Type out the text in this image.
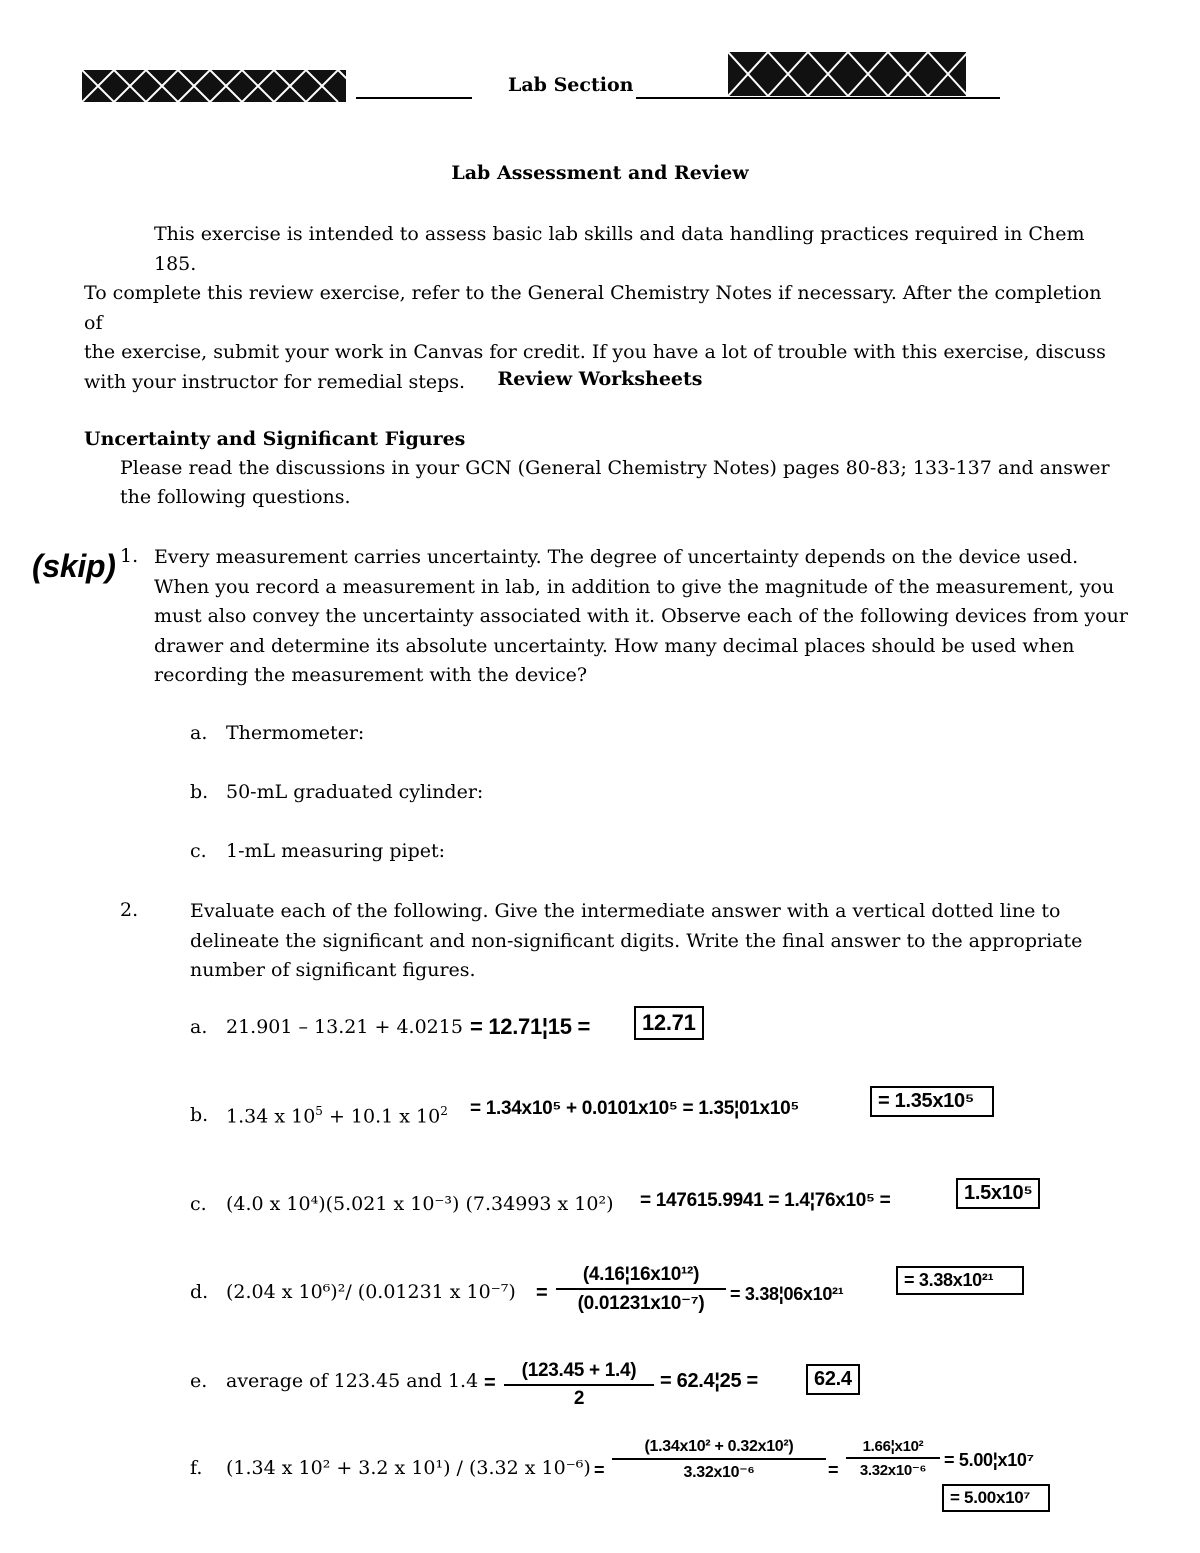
Lab Section
Lab Assessment and Review
This exercise is intended to assess basic lab skills and data handling practices required in Chem 185.
To complete this review exercise, refer to the General Chemistry Notes if necessary. After the completion of
the exercise, submit your work in Canvas for credit. If you have a lot of trouble with this exercise, discuss
with your instructor for remedial steps.	Review Worksheets
Uncertainty and Significant Figures
Please read the discussions in your GCN (General Chemistry Notes) pages 80-83; 133-137 and answer
the following questions.
(skip) 1. Every measurement carries uncertainty. The degree of uncertainty depends on the device used.
When you record a measurement in lab, in addition to give the magnitude of the measurement, you
must also convey the uncertainty associated with it. Observe each of the following devices from your
drawer and determine its absolute uncertainty. How many decimal places should be used when
recording the measurement with the device?
a. Thermometer:
b. 50-mL graduated cylinder:
c. 1-mL measuring pipet:
2.	Evaluate each of the following. Give the intermediate answer with a vertical dotted line to
delineate the significant and non-significant digits. Write the final answer to the appropriate
number of significant figures.
a. 21.901 – 13.21 + 4.0215 = 12.71¦15 =	12.71
b. 1.34 x $10^5 + 10.1$ x $10^2 = 1.34x10^5 + 0.0101x10^5$ = 1.35¦01x10⁵	= 1.35x10⁵
c. (4.0 x 10⁴)(5.021 x 10⁻³) (7.34993 x 10²) = 147615.9941 = 1.4¦76x10⁵ =	1.5x10⁵
d. (2.04 x 10⁶)²/ (0.01231 x $10^{-7}) = \frac{\text{(4.16¦16x10¹²)}}{\text{(0.01231x10⁻⁷)}}$ = 3.38¦06x10²¹
= 3.38x10²¹
e. average of 123.45 and $1.4 = \frac{(123.45 + 1.4)}{2}$ = 62.4¦25 =	62.4
f. (1.34 x 10² + 3.2 x 10¹) / (3.32 x $10^{-6}) = \frac{\text{(1.34x10² + 0.32x10²)}}{\text{3.32x10⁻⁶}} = \frac{\text{1.66¦x10²}}{\text{3.32x10⁻⁶}}$ = 5.00¦x10⁷
= 5.00x10⁷
